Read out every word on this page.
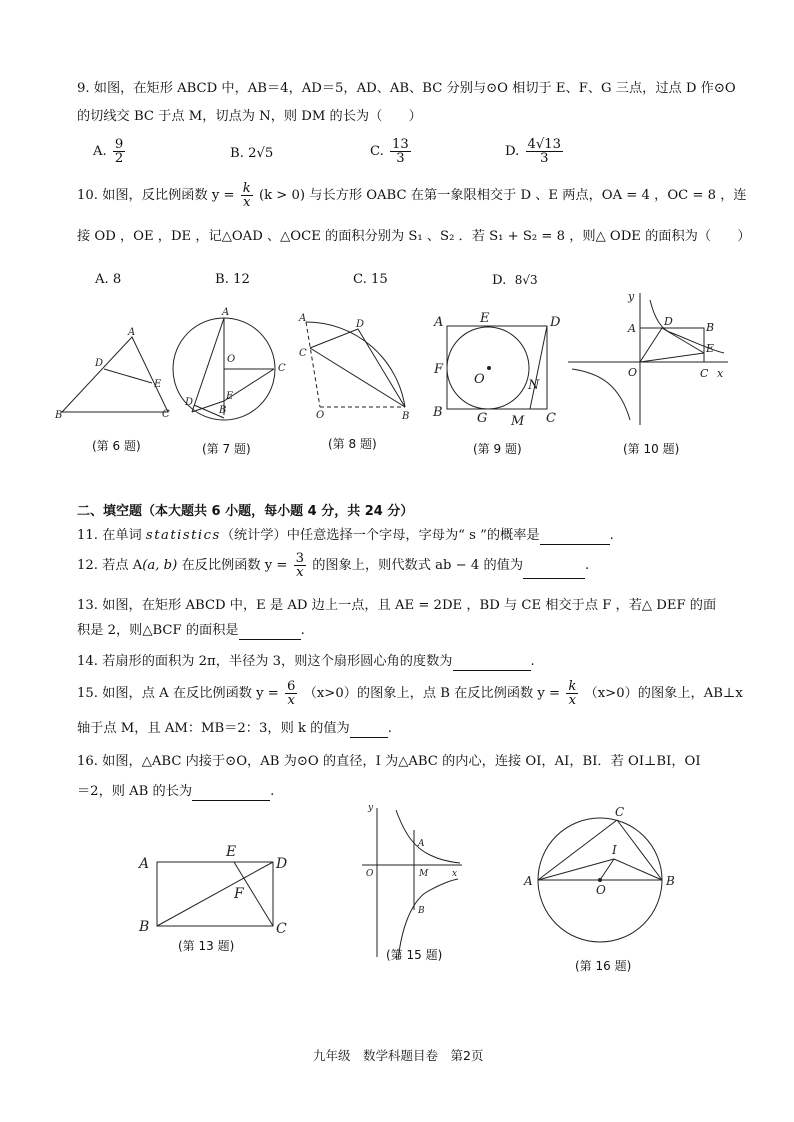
9. 如图，在矩形 ABCD 中，AB＝4，AD＝5，AD、AB、BC 分别与⊙O 相切于 E、F、G 三点，过点 D 作⊙O
的切线交 BC 于点 M，切点为 N，则 DM 的长为（　　）
A. $\frac{9}{2}$	B. 2√5	C. $\frac{13}{3}$	D. $\frac{4√13}{3}$
10. 如图，反比例函数 $y = \frac{k}{x} (k > 0)$ 与长方形 OABC 在第一象限相交于 D 、E 两点，OA = 4 ，OC = 8 ，连
接 OD ，OE ，DE ，记△OAD 、△OCE 的面积分别为 S₁ 、S₂ ．若 S₁ + S₂ = 8 ，则△ ODE 的面积为（　　）
A. 8	B. 12	C. 15	D. 8√3
A
D
E
B	C
A
O
C
D
E
B
A
D
C
O	B
A	E	D
F
O	N
B	G M C
y
A
D	B
E
O	C x
(第 6 题)	(第 7 题)	(第 8 题)	(第 9 题)	(第 10 题)
二、填空题（本大题共 6 小题，每小题 4 分，共 24 分）
11. 在单词 statistics（统计学）中任意选择一个字母，字母为“ s ”的概率是	.
12. 若点 A(a, b) 在反比例函数 $y = \frac{3}{x}$ 的图象上，则代数式 ab − 4 的值为	.
13. 如图，在矩形 ABCD 中，E 是 AD 边上一点，且 AE = 2DE ，BD 与 CE 相交于点 F ，若△ DEF 的面
积是 2，则△BCF 的面积是	.
14. 若扇形的面积为 2π，半径为 3，则这个扇形圆心角的度数为	.
15. 如图，点 A 在反比例函数 $y = \frac{6}{x} (x>0)$的图象上，点 B 在反比例函数 $y = \frac{k}{x} (x>0)$的图象上，AB⊥x
轴于点 M，且 AM：MB＝2：3，则 k 的值为	.
16. 如图，△ABC 内接于⊙O，AB 为⊙O 的直径，I 为△ABC 的内心，连接 OI，AI，BI．若 OI⊥BI，OI
＝2，则 AB 的长为	.
A
E
D
F
B	C
y
A
O	M	x
B
C
I
A
O
B
(第 13 题)
(第 15 题)
(第 16 题)
九年级　数学科题目卷　第2页
